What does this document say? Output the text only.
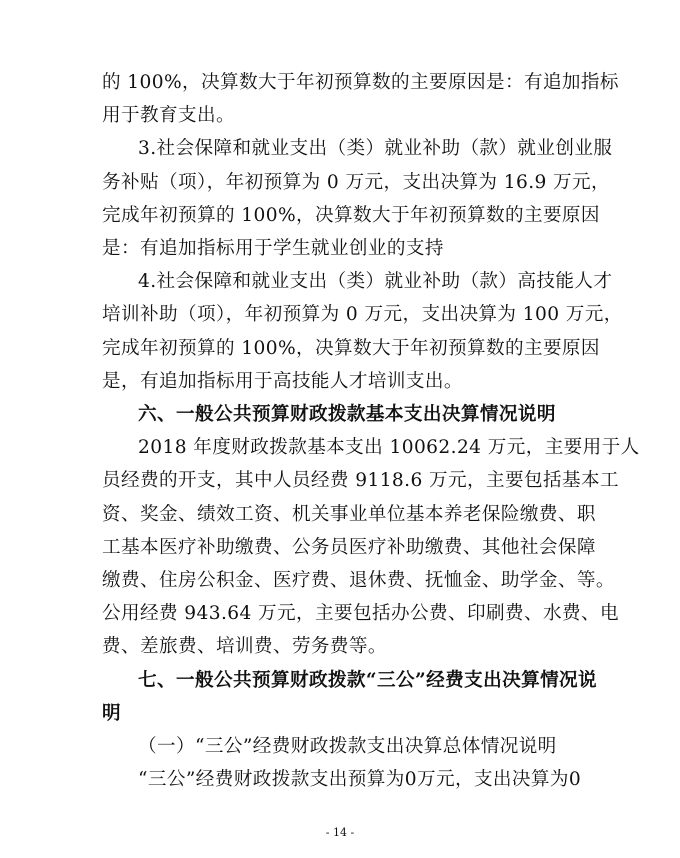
的 100%，决算数大于年初预算数的主要原因是：有追加指标
用于教育支出。
3.社会保障和就业支出（类）就业补助（款）就业创业服
务补贴（项），年初预算为 0 万元，支出决算为 16.9 万元，
完成年初预算的 100%，决算数大于年初预算数的主要原因
是：有追加指标用于学生就业创业的支持
4.社会保障和就业支出（类）就业补助（款）高技能人才
培训补助（项），年初预算为 0 万元，支出决算为 100 万元，
完成年初预算的 100%，决算数大于年初预算数的主要原因
是，有追加指标用于高技能人才培训支出。
六、一般公共预算财政拨款基本支出决算情况说明
2018 年度财政拨款基本支出 10062.24 万元，主要用于人
员经费的开支，其中人员经费 9118.6 万元，主要包括基本工
资、奖金、绩效工资、机关事业单位基本养老保险缴费、职
工基本医疗补助缴费、公务员医疗补助缴费、其他社会保障
缴费、住房公积金、医疗费、退休费、抚恤金、助学金、等。
公用经费 943.64 万元，主要包括办公费、印刷费、水费、电
费、差旅费、培训费、劳务费等。
七、一般公共预算财政拨款“三公”经费支出决算情况说
明
（一）“三公”经费财政拨款支出决算总体情况说明
“三公”经费财政拨款支出预算为0万元，支出决算为0
- 14 -
